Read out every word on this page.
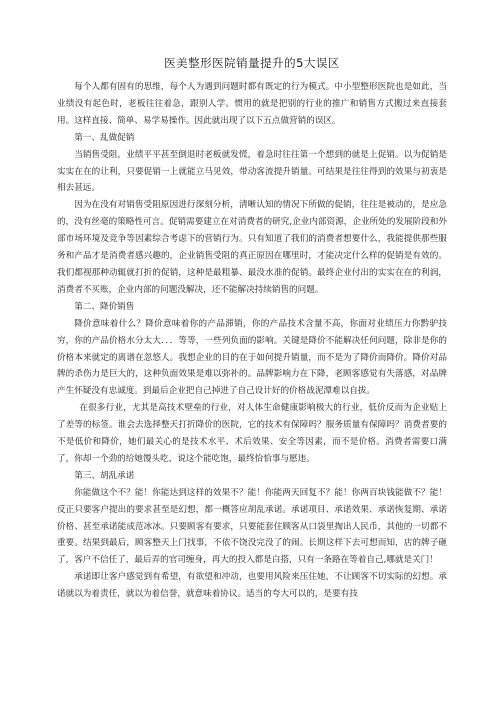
医美整形医院销量提升的5大误区

每个人都有固有的思维，每个人为遇到问题时都有既定的行为模式。中小型整形医院也是如此，当业绩没有起色时，老板往往着急，跟别人学。惯用的就是把别的行业的推广和销售方式搬过来直接套用。这样直接、简单、易学易操作。因此就出现了以下五点做营销的误区。

第一、乱做促销

当销售受阻，业绩平平甚至倒退时老板就发慌，着急时往往第一个想到的就是上促销。以为促销是实实在在的让利，只要促销一上就能立马见效，带动客流提升销量。可结果是往往得到的效果与初衷是相去甚远。

因为在没有对销售受阻原因进行深刻分析，清晰认知的情况下所做的促销，往往是被动的，是应急的，没有丝毫的策略性可言。促销需要建立在对消费者的研究,企业内部资源，企业所处的发展阶段和外部市场环境及竞争等因素综合考虑下的营销行为。只有知道了我们的消费者想要什么，我能提供那些服务和产品才是消费者感兴趣的，企业销售受阻的真正原因在哪里时，才能决定什么样的促销是有效的。我们都视那种动辄就打折的促销，这种是最粗暴、最没水准的促销。最终企业付出的实实在在的利润，消费者不买账，企业内部的问题没解决，还不能解决持续销售的问题。

第二、降价销售

降价意味着什么？降价意味着你的产品滞销，你的产品技术含量不高，你面对业绩压力你黔驴技穷，你的产品价格水分太大．．．等等，一些列负面的影响。关键是降价不能解决任何问题，除非是你的价格本来就定的离谱在忽悠人。我想企业的目的在于如何提升销量，而不是为了降价而降价。降价对品牌的杀伤力是巨大的，这种负面效果是难以弥补的。品牌影响力在下降，老顾客感觉有失落感，对品牌产生怀疑没有忠诚度。到最后企业把自己掉进了自己设计好的价格战泥潭难以自拔。

在很多行业，尤其是高技术壁垒的行业，对人体生命健康影响极大的行业，低价反而为企业贴上了差等的标签。谁会去选择整天打折降价的医院，它的技术有保障吗？服务质量有保障吗？消费者要的不是低价和降价，她们最关心的是技术水平、术后效果、安全等因素，而不是价格。消费者需要口满了，你却一个劲的给她馒头吃，说这个能吃饱，最终恰恰事与愿违。

第三、胡乱承诺

你能做这个不？能！你能达到这样的效果不？能！你能两天回复不？能！你两百块钱能做不？能！反正只要客户提出的要求甚至是幻想，都一概答应胡乱承诺。承诺项目、承诺效果、承诺恢复期、承诺价格、甚至承诺能成范冰冰。只要顾客有要求，只要能套住顾客从口袋里掏出人民币，其他的一切都不重要。结果到最后，顾客整天上门找事，不依不饶没完没了的闹。长期这样下去可想而知，店的牌子砸了，客户不信任了，最后弄的官司缠身，再大的投入都是白搭，只有一条路在等着自己,哪就是关门！

承诺即让客户感觉到有希望，有欲望和冲动，也要用风险来压住她，不让顾客不切实际的幻想。承诺就以为着责任，就以为着信誉，就意味着协议。适当的夸大可以的，是要有技
